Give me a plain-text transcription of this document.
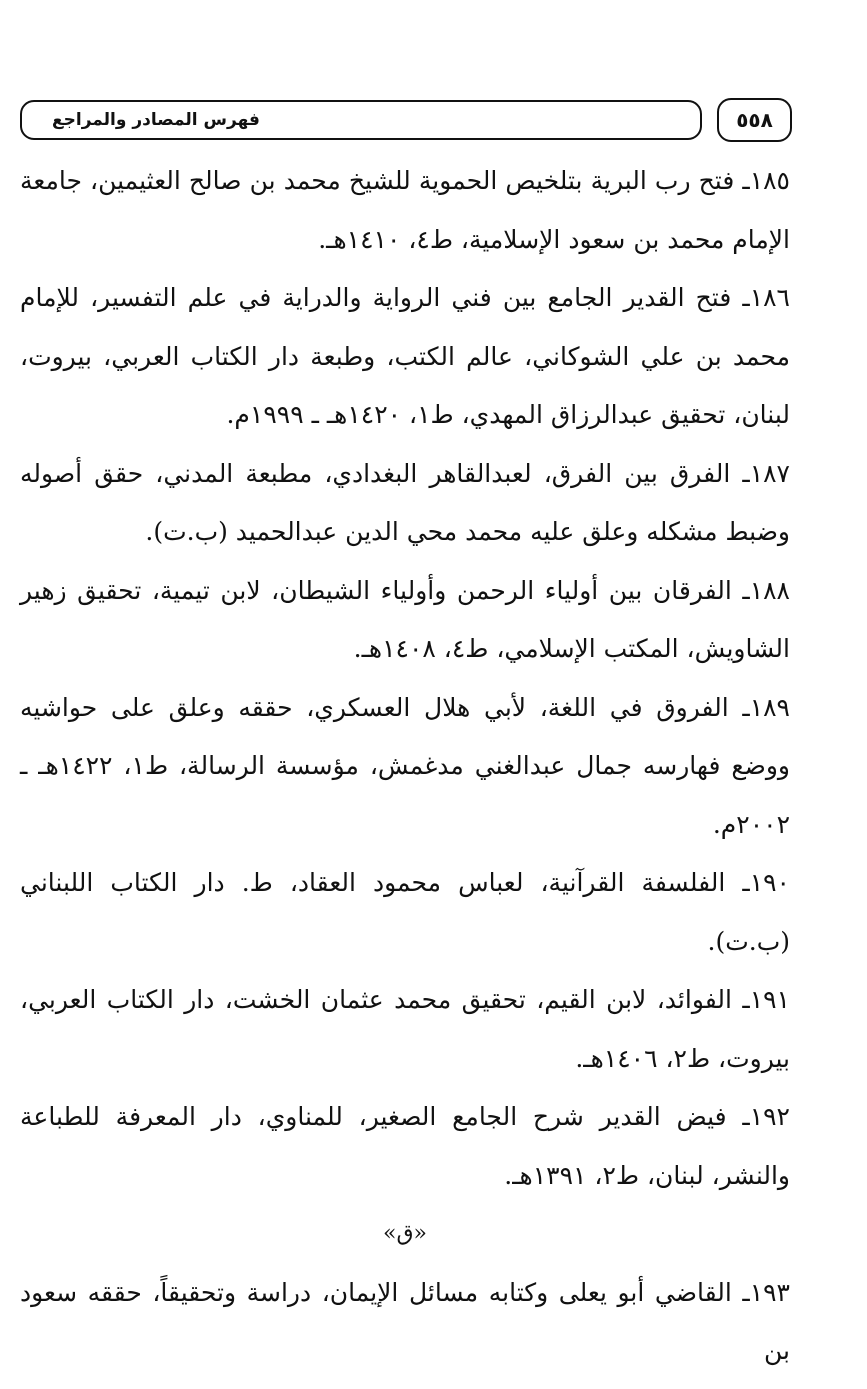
فهرس المصادر والمراجع	٥٥٨

١٨٥ـ فتح رب البرية بتلخيص الحموية للشيخ محمد بن صالح العثيمين، جامعة الإمام محمد بن سعود الإسلامية، ط٤، ١٤١٠هـ.

١٨٦ـ فتح القدير الجامع بين فني الرواية والدراية في علم التفسير، للإمام محمد بن علي الشوكاني، عالم الكتب، وطبعة دار الكتاب العربي، بيروت، لبنان، تحقيق عبدالرزاق المهدي، ط١، ١٤٢٠هـ ـ ١٩٩٩م.

١٨٧ـ الفرق بين الفرق، لعبدالقاهر البغدادي، مطبعة المدني، حقق أصوله وضبط مشكله وعلق عليه محمد محي الدين عبدالحميد (ب.ت).

١٨٨ـ الفرقان بين أولياء الرحمن وأولياء الشيطان، لابن تيمية، تحقيق زهير الشاويش، المكتب الإسلامي، ط٤، ١٤٠٨هـ.

١٨٩ـ الفروق في اللغة، لأبي هلال العسكري، حققه وعلق على حواشيه ووضع فهارسه جمال عبدالغني مدغمش، مؤسسة الرسالة، ط١، ١٤٢٢هـ ـ ٢٠٠٢م.

١٩٠ـ الفلسفة القرآنية، لعباس محمود العقاد، ط. دار الكتاب اللبناني (ب.ت).

١٩١ـ الفوائد، لابن القيم، تحقيق محمد عثمان الخشت، دار الكتاب العربي، بيروت، ط٢، ١٤٠٦هـ.

١٩٢ـ فيض القدير شرح الجامع الصغير، للمناوي، دار المعرفة للطباعة والنشر، لبنان، ط٢، ١٣٩١هـ.

«ق»

١٩٣ـ القاضي أبو يعلى وكتابه مسائل الإيمان، دراسة وتحقيقاً، حققه سعود بن
